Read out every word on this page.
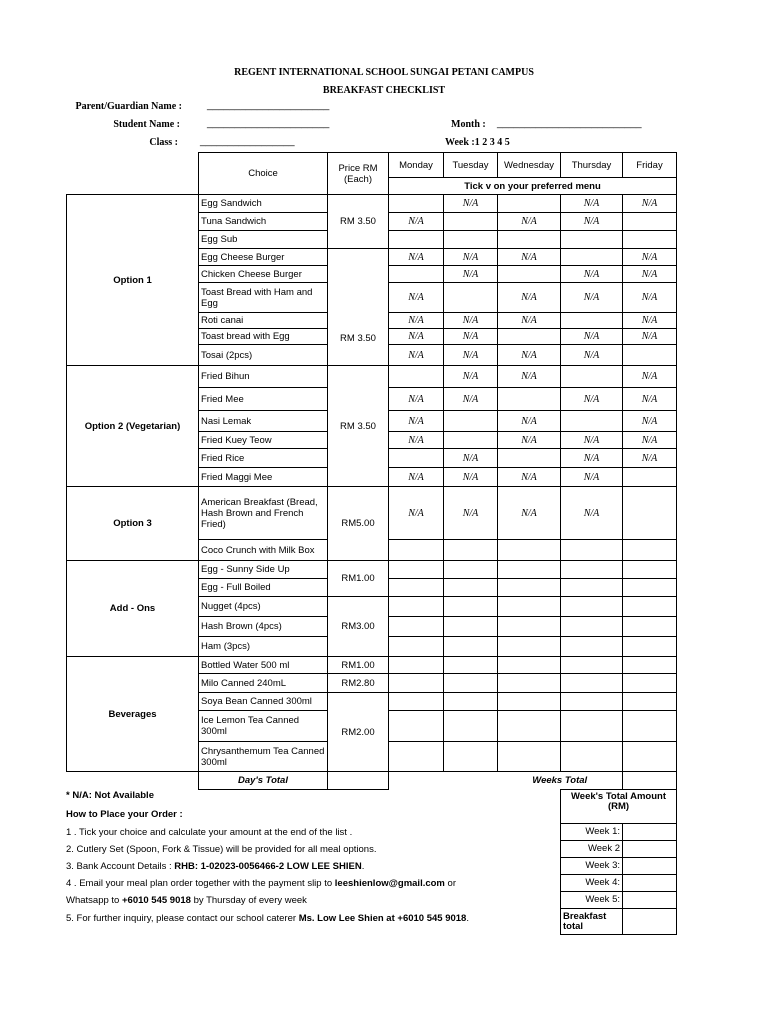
REGENT INTERNATIONAL SCHOOL SUNGAI PETANI CAMPUS
BREAKFAST CHECKLIST
Parent/Guardian Name :	______________________
Student Name :	______________________
Class : _________________
Month : __________________________
Week :1 2 3 4 5
	Choice	Price RM (Each)	Monday	Tuesday	Wednesday	Thursday	Friday
			Tick v on your preferred menu				
Option 1	Egg Sandwich	RM 3.50		N/A		N/A	N/A
	Tuna Sandwich		N/A		N/A	N/A	
	Egg Sub						
	Egg Cheese Burger		N/A	N/A	N/A		N/A
	Chicken Cheese Burger			N/A		N/A	N/A
	Toast Bread with Ham and Egg		N/A		N/A	N/A	N/A
	Roti canai	RM 3.50	N/A	N/A	N/A		N/A
	Toast bread with Egg		N/A	N/A		N/A	N/A
	Tosai (2pcs)		N/A	N/A	N/A	N/A	
Option 2 (Vegetarian)	Fried Bihun	RM 3.50		N/A	N/A		N/A
	Fried Mee		N/A	N/A		N/A	N/A
	Nasi Lemak		N/A		N/A		N/A
	Fried Kuey Teow		N/A		N/A	N/A	N/A
	Fried Rice			N/A		N/A	N/A
	Fried Maggi Mee		N/A	N/A	N/A	N/A	
Option 3	American Breakfast (Bread, Hash Brown and French Fried)	RM5.00	N/A	N/A	N/A	N/A	
	Coco Crunch with Milk Box						
Add - Ons	Egg - Sunny Side Up	RM1.00					
	Egg - Full Boiled						
	Nugget (4pcs)	RM3.00					
	Hash Brown (4pcs)						
	Ham (3pcs)						
Beverages	Bottled Water 500 ml	RM1.00					
	Milo Canned 240mL	RM2.80					
	Soya Bean Canned 300ml	RM2.00					
	Ice Lemon Tea Canned 300ml						
	Chrysanthemum Tea Canned 300ml						
	Day's Total				Weeks Total		
* N/A: Not Available
How to Place your Order :
1 . Tick your choice and calculate your amount at the end of the list .
2. Cutlery Set (Spoon, Fork & Tissue) will be provided for all meal options.
3. Bank Account Details : RHB: 1-02023-0056466-2 LOW LEE SHIEN.
4 . Email your meal plan order together with the payment slip to leeshienlow@gmail.com or
Whatsapp to +6010 545 9018 by Thursday of every week
5. For further inquiry, please contact our school caterer Ms. Low Lee Shien at +6010 545 9018.
Week's Total Amount (RM)	
Week 1:	
Week 2	
Week 3:	
Week 4:	
Week 5:	
Breakfast total	
